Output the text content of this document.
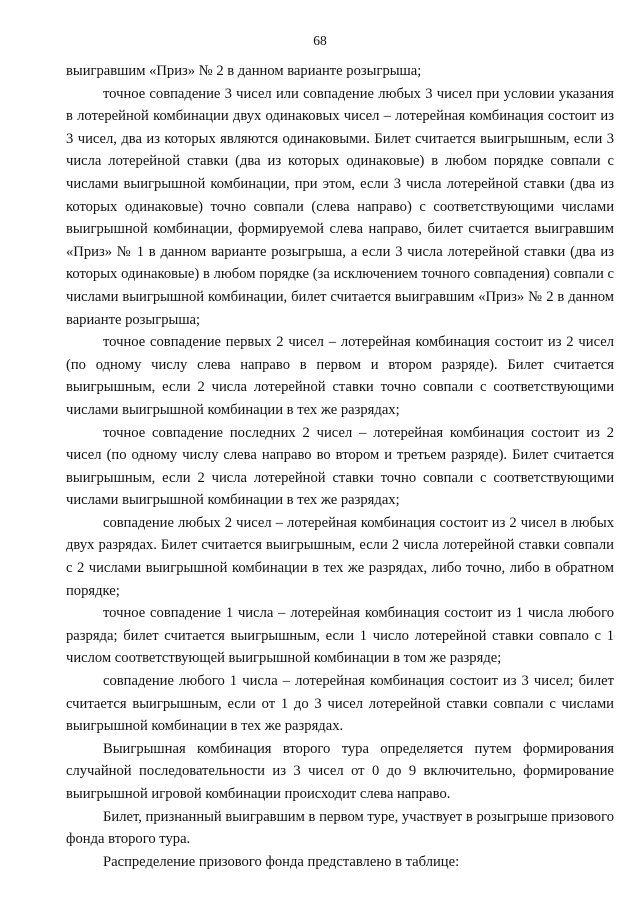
68

выигравшим «Приз» № 2 в данном варианте розыгрыша;

точное совпадение 3 чисел или совпадение любых 3 чисел при условии указания в лотерейной комбинации двух одинаковых чисел – лотерейная комбинация состоит из 3 чисел, два из которых являются одинаковыми. Билет считается выигрышным, если 3 числа лотерейной ставки (два из которых одинаковые) в любом порядке совпали с числами выигрышной комбинации, при этом, если 3 числа лотерейной ставки (два из которых одинаковые) точно совпали (слева направо) с соответствующими числами выигрышной комбинации, формируемой слева направо, билет считается выигравшим «Приз» № 1 в данном варианте розыгрыша, а если 3 числа лотерейной ставки (два из которых одинаковые) в любом порядке (за исключением точного совпадения) совпали с числами выигрышной комбинации, билет считается выигравшим «Приз» № 2 в данном варианте розыгрыша;

точное совпадение первых 2 чисел – лотерейная комбинация состоит из 2 чисел (по одному числу слева направо в первом и втором разряде). Билет считается выигрышным, если 2 числа лотерейной ставки точно совпали с соответствующими числами выигрышной комбинации в тех же разрядах;

точное совпадение последних 2 чисел – лотерейная комбинация состоит из 2 чисел (по одному числу слева направо во втором и третьем разряде). Билет считается выигрышным, если 2 числа лотерейной ставки точно совпали с соответствующими числами выигрышной комбинации в тех же разрядах;

совпадение любых 2 чисел – лотерейная комбинация состоит из 2 чисел в любых двух разрядах. Билет считается выигрышным, если 2 числа лотерейной ставки совпали с 2 числами выигрышной комбинации в тех же разрядах, либо точно, либо в обратном порядке;

точное совпадение 1 числа – лотерейная комбинация состоит из 1 числа любого разряда; билет считается выигрышным, если 1 число лотерейной ставки совпало с 1 числом соответствующей выигрышной комбинации в том же разряде;

совпадение любого 1 числа – лотерейная комбинация состоит из 3 чисел; билет считается выигрышным, если от 1 до 3 чисел лотерейной ставки совпали с числами выигрышной комбинации в тех же разрядах.

Выигрышная комбинация второго тура определяется путем формирования случайной последовательности из 3 чисел от 0 до 9 включительно, формирование выигрышной игровой комбинации происходит слева направо.

Билет, признанный выигравшим в первом туре, участвует в розыгрыше призового фонда второго тура.

Распределение призового фонда представлено в таблице:
